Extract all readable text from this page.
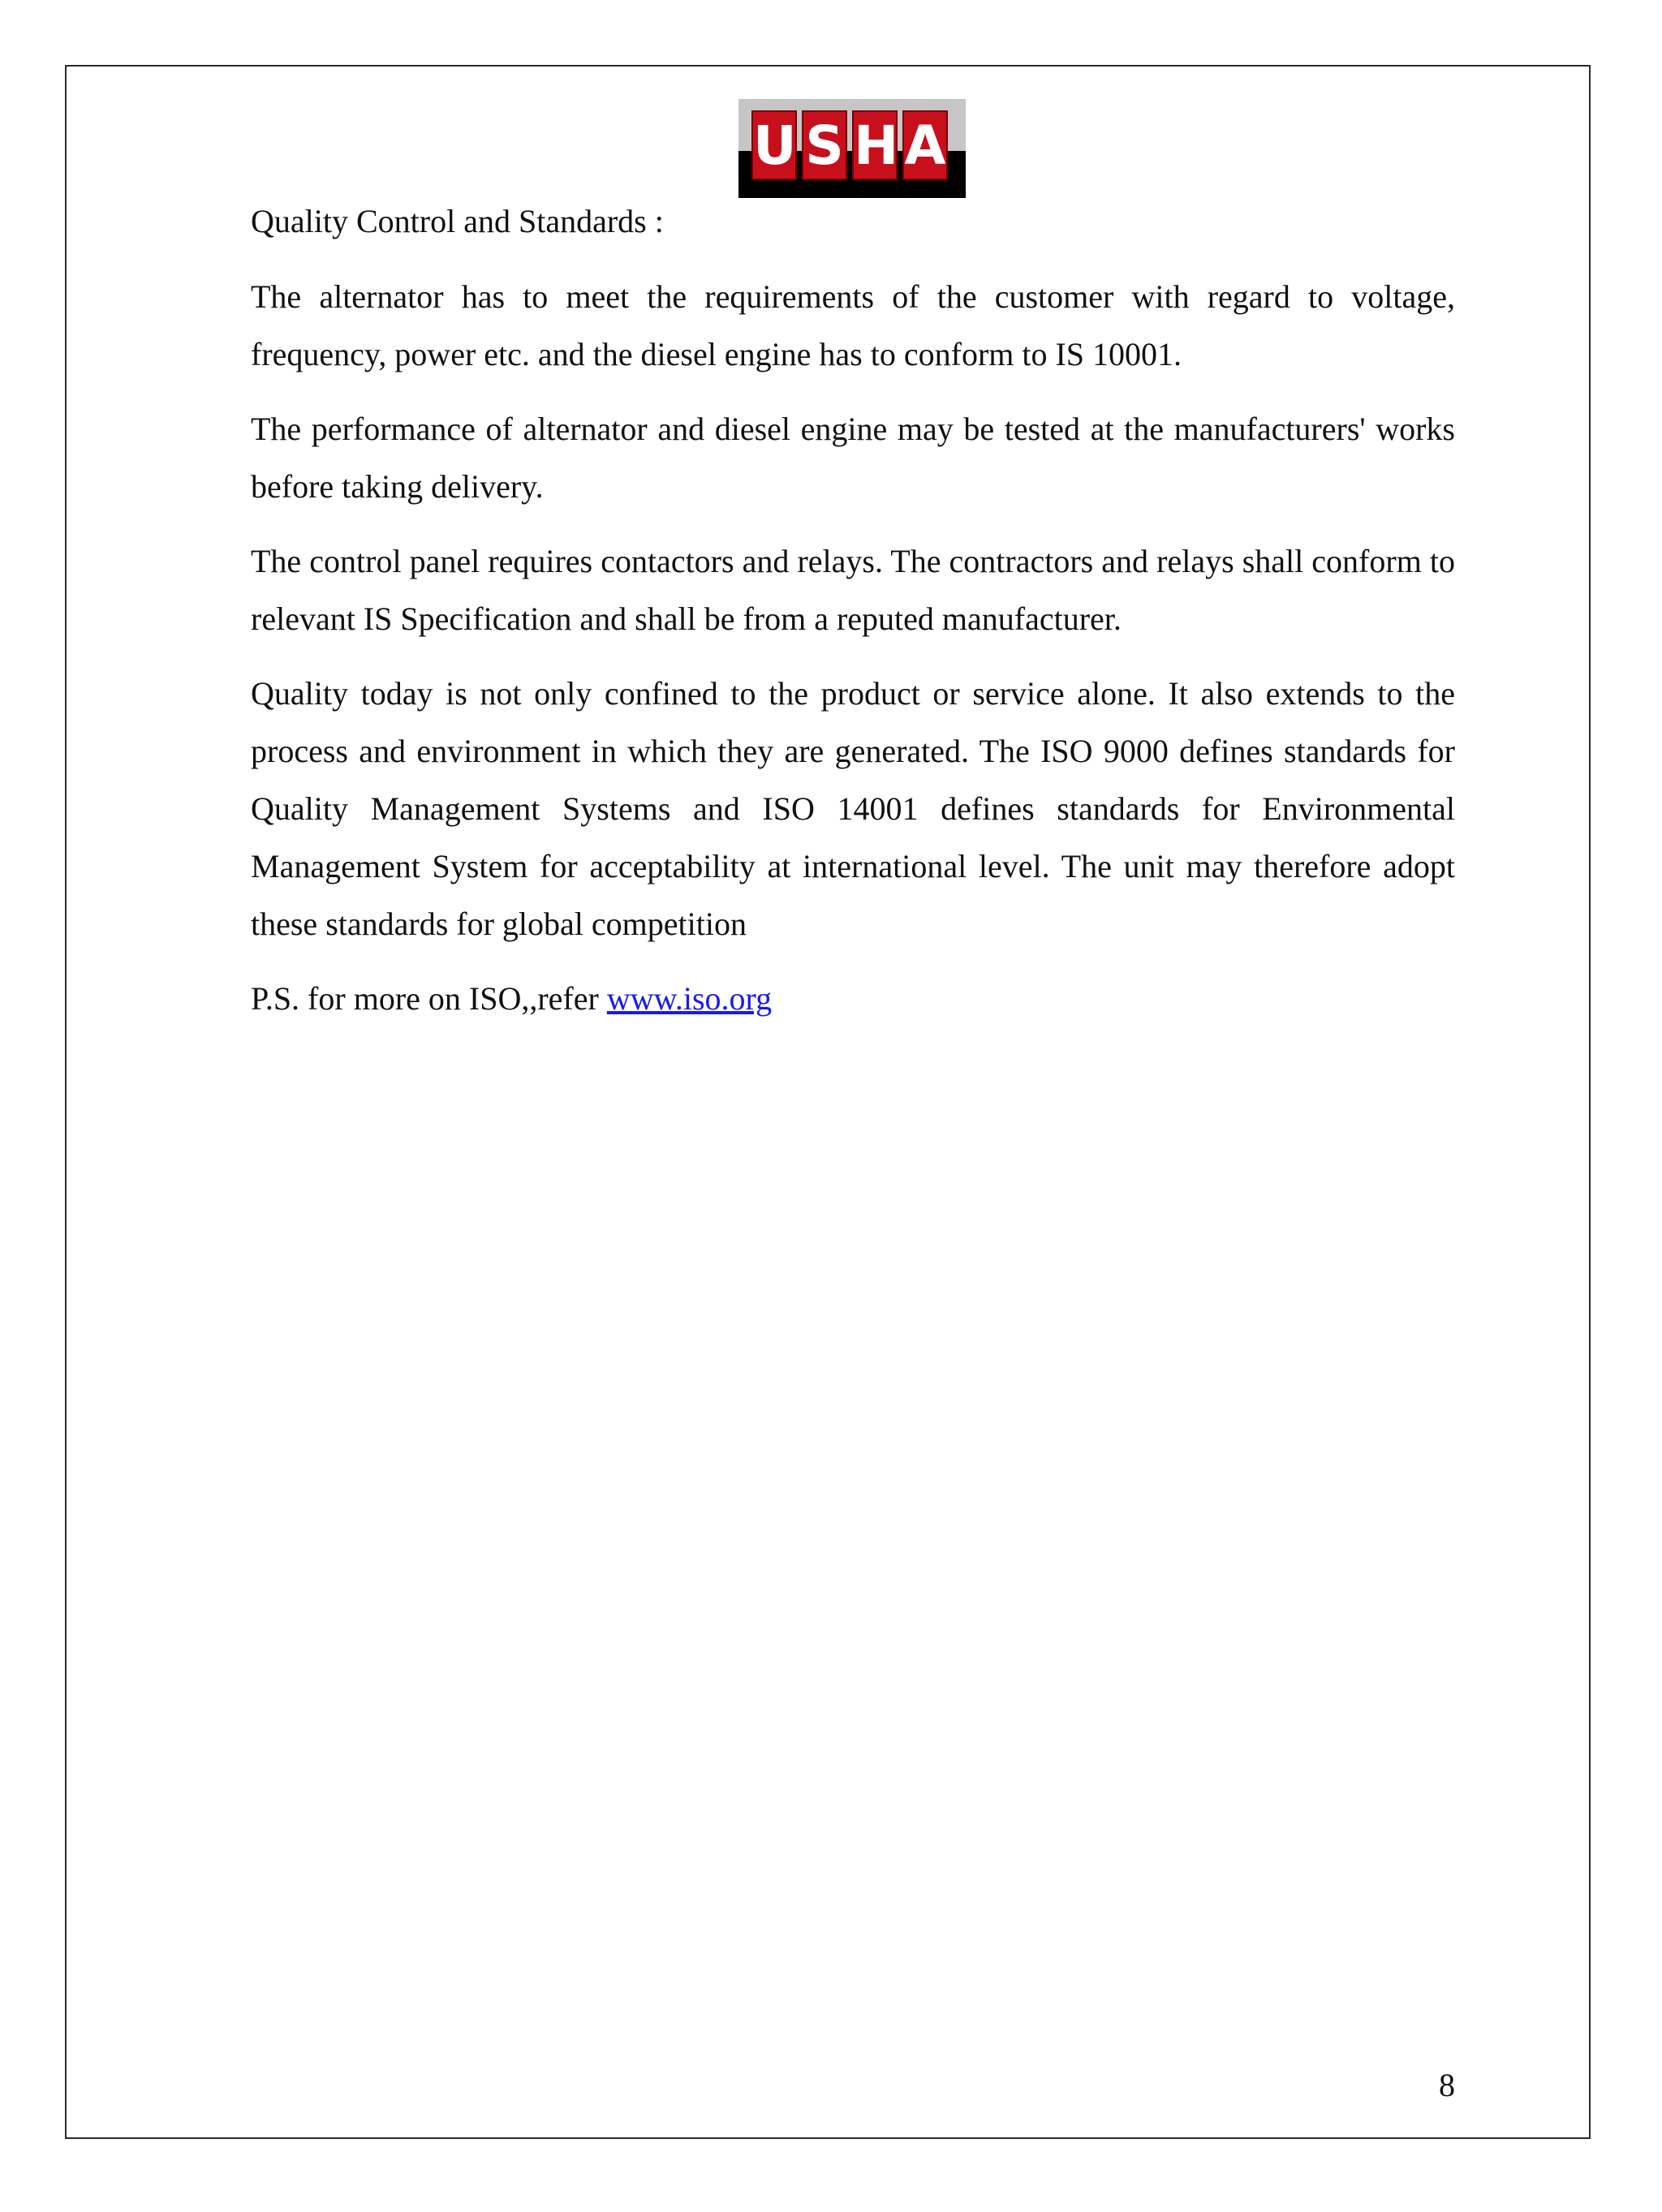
U S H A

Quality Control and Standards :

The alternator has to meet the requirements of the customer with regard to voltage, frequency, power etc. and the diesel engine has to conform to IS 10001.

The performance of alternator and diesel engine may be tested at the manufacturers' works before taking delivery.

The control panel requires contactors and relays. The contractors and relays shall conform to relevant IS Specification and shall be from a reputed manufacturer.

Quality today is not only confined to the product or service alone. It also extends to the process and environment in which they are generated. The ISO 9000 defines standards for Quality Management Systems and ISO 14001 defines standards for Environmental Management System for acceptability at international level. The unit may therefore adopt these standards for global competition

P.S. for more on ISO,,refer www.iso.org

8
